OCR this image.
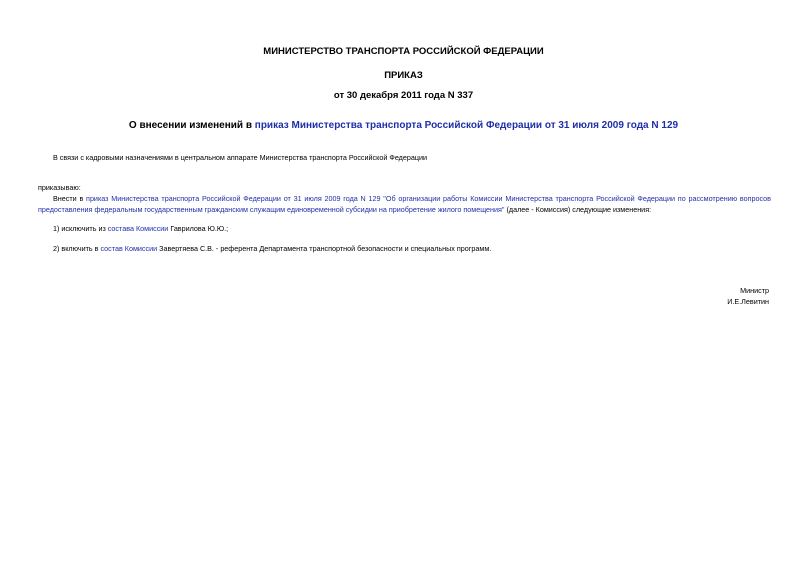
МИНИСТЕРСТВО ТРАНСПОРТА РОССИЙСКОЙ ФЕДЕРАЦИИ
ПРИКАЗ
от 30 декабря 2011 года N 337
О внесении изменений в приказ Министерства транспорта Российской Федерации от 31 июля 2009 года N 129
В связи с кадровыми назначениями в центральном аппарате Министерства транспорта Российской Федерации
приказываю:
Внести в приказ Министерства транспорта Российской Федерации от 31 июля 2009 года N 129 "Об организации работы Комиссии Министерства транспорта Российской Федерации по рассмотрению вопросов
предоставления федеральным государственным гражданским служащим единовременной субсидии на приобретение жилого помещения" (далее - Комиссия) следующие изменения:
1) исключить из состава Комиссии Гаврилова Ю.Ю.;
2) включить в состав Комиссии Завертяева С.В. - референта Департамента транспортной безопасности и специальных программ.
Министр
И.Е.Левитин
